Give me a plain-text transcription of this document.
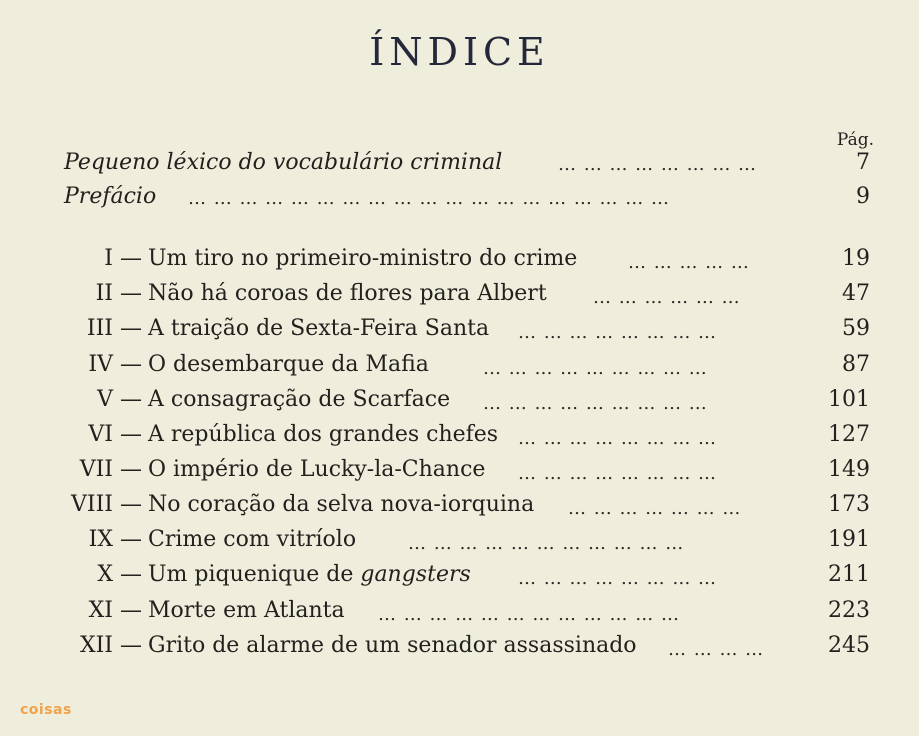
ÍNDICE
Pág.
Pequeno léxico do vocabulário criminal	… … … … … … … …	7
Prefácio … … … … … … … … … … … … … … … … … … …	9
I — Um tiro no primeiro-ministro do crime	… … … … …	19
II — Não há coroas de flores para Albert	… … … … … …	47
III — A traição de Sexta-Feira Santa … … … … … … … …	59
IV — O desembarque da Mafia	… … … … … … … … …	87
V — A consagração de Scarface … … … … … … … … …	101
VI — A república dos grandes chefes … … … … … … … …	127
VII — O império de Lucky-la-Chance … … … … … … … …	149
VIII — No coração da selva nova-iorquina … … … … … … …	173
IX — Crime com vitríolo	… … … … … … … … … … …	191
X — Um piquenique de gangsters	… … … … … … … …	211
XI — Morte em Atlanta … … … … … … … … … … … …	223
XII — Grito de alarme de um senador assassinado … … … …	245
coisas
